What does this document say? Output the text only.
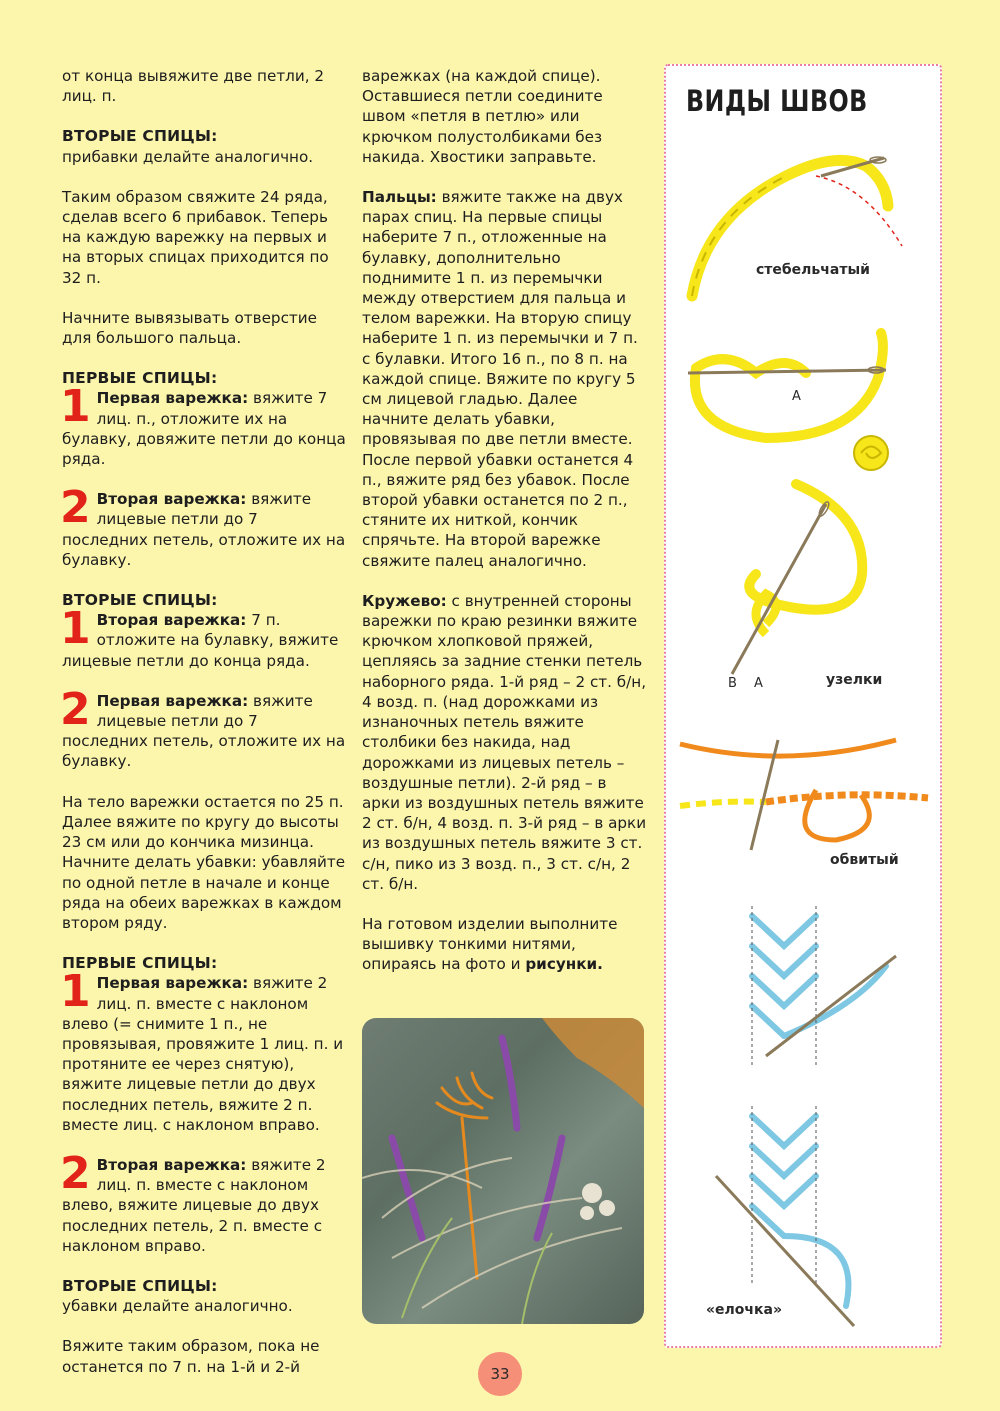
от конца вывяжите две петли, 2 лиц. п.

ВТОРЫЕ СПИЦЫ:

прибавки делайте аналогично.

Таким образом свяжите 24 ряда, сделав всего 6 прибавок. Теперь на каждую варежку на первых и на вторых спицах приходится по 32 п.

Начните вывязывать отверстие для большого пальца.

ПЕРВЫЕ СПИЦЫ:
1 Первая варежка: вяжите 7 лиц. п., отложите их на булавку, довяжите петли до конца ряда.
2 Вторая варежка: вяжите лицевые петли до 7 последних петель, отложите их на булавку.
ВТОРЫЕ СПИЦЫ:
1 Вторая варежка: 7 п. отложите на булавку, вяжите лицевые петли до конца ряда.
2 Первая варежка: вяжите лицевые петли до 7 последних петель, отложите их на булавку.

На тело варежки остается по 25 п. Далее вяжите по кругу до высоты 23 см или до кончика мизинца. Начните делать убавки: убавляйте по одной петле в начале и конце ряда на обеих варежках в каждом втором ряду.

ПЕРВЫЕ СПИЦЫ:
1 Первая варежка: вяжите 2 лиц. п. вместе с наклоном влево (= снимите 1 п., не провязывая, провяжите 1 лиц. п. и протяните ее через снятую), вяжите лицевые петли до двух последних петель, вяжите 2 п. вместе лиц. с наклоном вправо.
2 Вторая варежка: вяжите 2 лиц. п. вместе с наклоном влево, вяжите лицевые до двух последних петель, 2 п. вместе с наклоном вправо.
ВТОРЫЕ СПИЦЫ:

убавки делайте аналогично.

Вяжите таким образом, пока не останется по 7 п. на 1-й и 2-й

варежках (на каждой спице). Оставшиеся петли соедините швом «петля в петлю» или крючком полустолбиками без накида. Хвостики заправьте.

Пальцы: вяжите также на двух парах спиц. На первые спицы наберите 7 п., отложенные на булавку, дополнительно поднимите 1 п. из перемычки между отверстием для пальца и телом варежки. На вторую спицу наберите 1 п. из перемычки и 7 п. с булавки. Итого 16 п., по 8 п. на каждой спице. Вяжите по кругу 5 см лицевой гладью. Далее начните делать убавки, провязывая по две петли вместе. После первой убавки останется 4 п., вяжите ряд без убавок. После второй убавки останется по 2 п., стяните их ниткой, кончик спрячьте. На второй варежке свяжите палец аналогично.

Кружево: с внутренней стороны варежки по краю резинки вяжите крючком хлопковой пряжей, цепляясь за задние стенки петель наборного ряда. 1-й ряд – 2 ст. б/н, 4 возд. п. (над дорожками из изнаночных петель вяжите столбики без накида, над дорожками из лицевых петель – воздушные петли). 2-й ряд – в арки из воздушных петель вяжите 2 ст. б/н, 4 возд. п. 3-й ряд – в арки из воздушных петель вяжите 3 ст. с/н, пико из 3 возд. п., 3 ст. с/н, 2 ст. б/н.

На готовом изделии выполните вышивку тонкими нитями, опираясь на фото и рисунки.

ВИДЫ ШВОВ
стебельчатый
А
В А	узелки
обвитый
«елочка»
33
